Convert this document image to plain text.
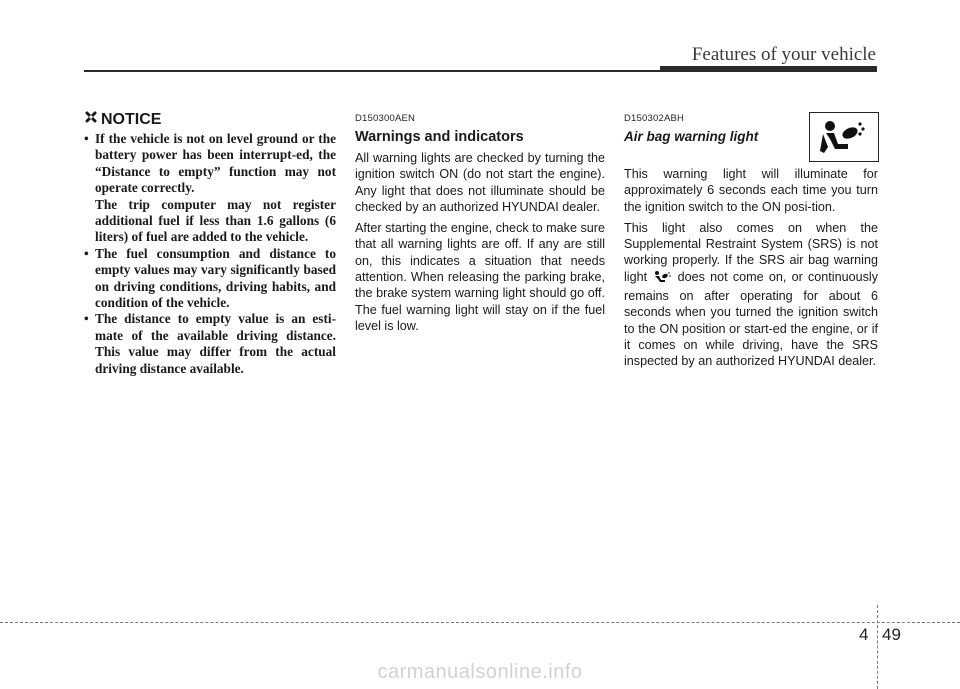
Features of your vehicle
NOTICE
• If the vehicle is not on level ground or the battery power has been interrupt-ed, the “Distance to empty” function may not operate correctly.
The trip computer may not register additional fuel if less than 1.6 gallons (6 liters) of fuel are added to the vehicle.
• The fuel consumption and distance to empty values may vary significantly based on driving conditions, driving habits, and condition of the vehicle.
• The distance to empty value is an esti-mate of the available driving distance. This value may differ from the actual driving distance available.
D150300AEN
Warnings and indicators

All warning lights are checked by turning the ignition switch ON (do not start the engine). Any light that does not illuminate should be checked by an authorized HYUNDAI dealer.

After starting the engine, check to make sure that all warning lights are off. If any are still on, this indicates a situation that needs attention. When releasing the parking brake, the brake system warning light should go off. The fuel warning light will stay on if the fuel level is low.

D150302ABH
Air bag warning light

This warning light will illuminate for approximately 6 seconds each time you turn the ignition switch to the ON posi-tion.

This light also comes on when the Supplemental Restraint System (SRS) is not working properly. If the SRS air bag warning light does not come on, or continuously remains on after operating for about 6 seconds when you turned the ignition switch to the ON position or start-ed the engine, or if it comes on while driving, have the SRS inspected by an authorized HYUNDAI dealer.

4 49
carmanualsonline.info
